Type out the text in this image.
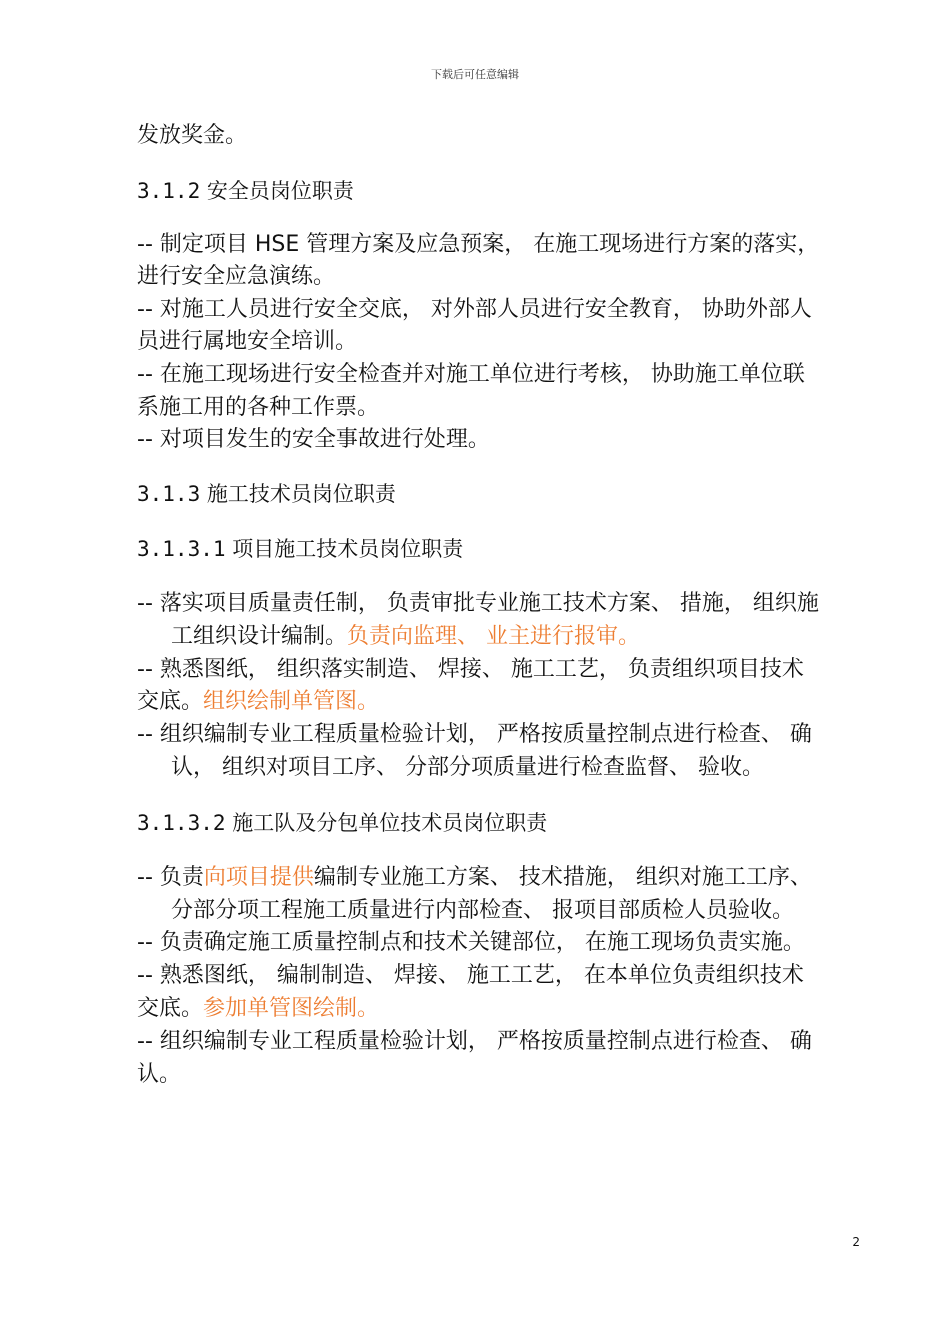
下载后可任意编辑
发放奖金。
3.1.2 安全员岗位职责
-- 制定项目 HSE 管理方案及应急预案， 在施工现场进行方案的落实，
进行安全应急演练。
-- 对施工人员进行安全交底， 对外部人员进行安全教育， 协助外部人
员进行属地安全培训。
-- 在施工现场进行安全检查并对施工单位进行考核， 协助施工单位联
系施工用的各种工作票。
-- 对项目发生的安全事故进行处理。
3.1.3 施工技术员岗位职责
3.1.3.1 项目施工技术员岗位职责
-- 落实项目质量责任制， 负责审批专业施工技术方案、 措施， 组织施
工组织设计编制。负责向监理、 业主进行报审。
-- 熟悉图纸， 组织落实制造、 焊接、 施工工艺， 负责组织项目技术
交底。组织绘制单管图。
-- 组织编制专业工程质量检验计划， 严格按质量控制点进行检查、 确
认， 组织对项目工序、 分部分项质量进行检查监督、 验收。
3.1.3.2 施工队及分包单位技术员岗位职责
-- 负责向项目提供编制专业施工方案、 技术措施， 组织对施工工序、
分部分项工程施工质量进行内部检查、 报项目部质检人员验收。
-- 负责确定施工质量控制点和技术关键部位， 在施工现场负责实施。
-- 熟悉图纸， 编制制造、 焊接、 施工工艺， 在本单位负责组织技术
交底。参加单管图绘制。
-- 组织编制专业工程质量检验计划， 严格按质量控制点进行检查、 确
认。
2
